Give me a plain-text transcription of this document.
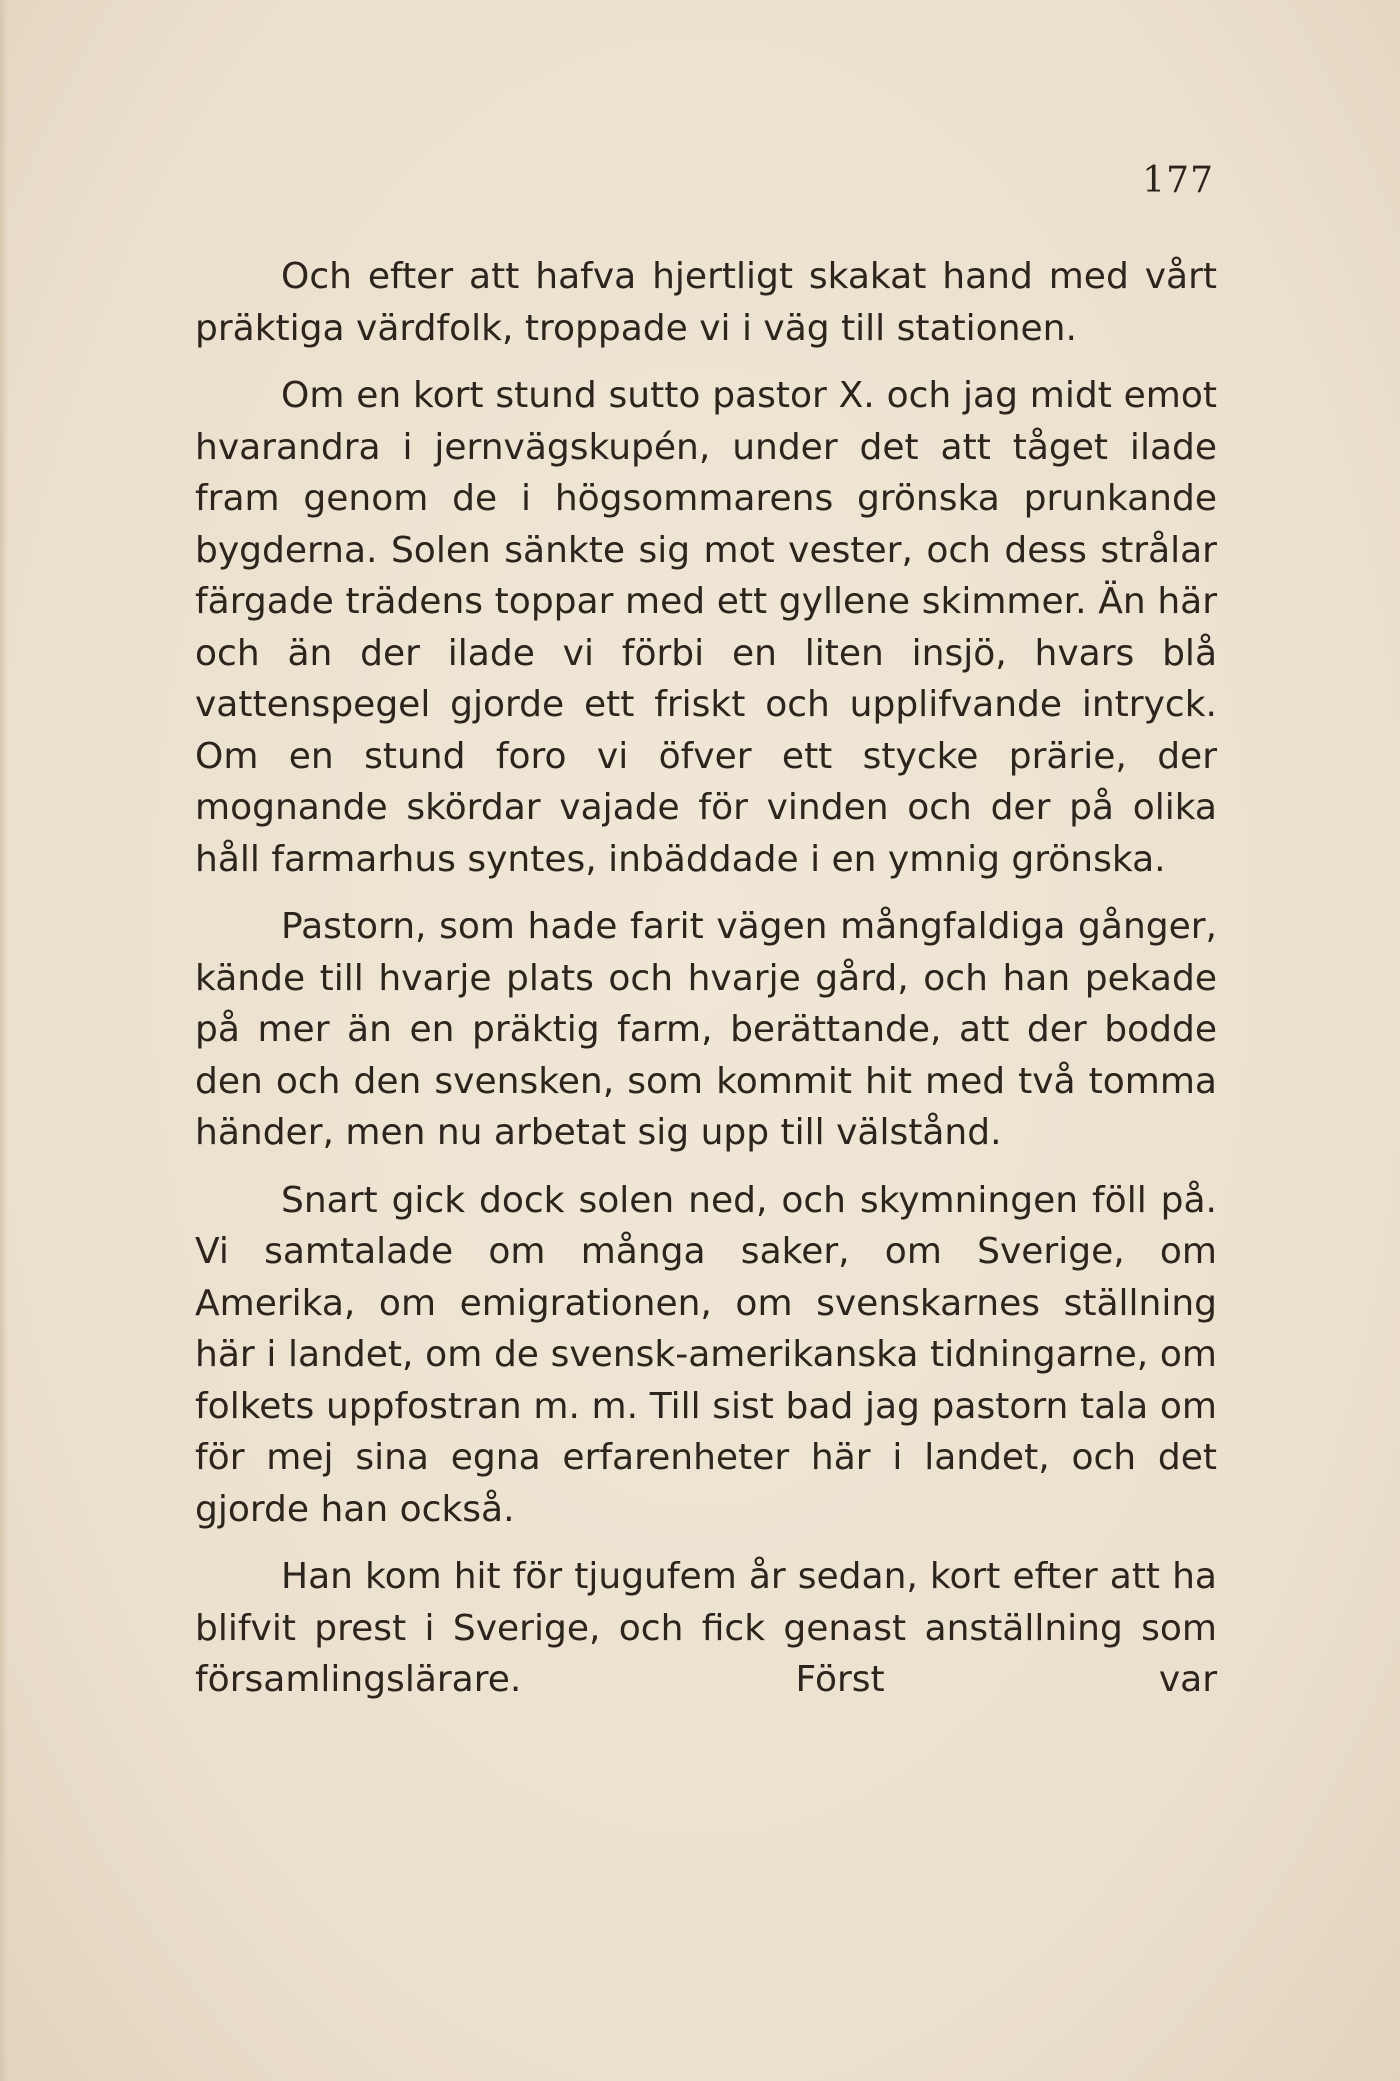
177

Och efter att hafva hjertligt skakat hand med vårt präktiga värdfolk, troppade vi i väg till stationen.

Om en kort stund sutto pastor X. och jag midt emot hvarandra i jernvägskupén, under det att tåget ilade fram genom de i högsommarens grönska prunkande bygderna. Solen sänkte sig mot vester, och dess strålar färgade trädens toppar med ett gyllene skimmer. Än här och än der ilade vi förbi en liten insjö, hvars blå vattenspegel gjorde ett friskt och upplifvande intryck. Om en stund foro vi öfver ett stycke prärie, der mognande skördar vajade för vinden och der på olika håll farmarhus syntes, inbäddade i en ymnig grönska.

Pastorn, som hade farit vägen mångfaldiga gånger, kände till hvarje plats och hvarje gård, och han pekade på mer än en präktig farm, berättande, att der bodde den och den svensken, som kommit hit med två tomma händer, men nu arbetat sig upp till välstånd.

Snart gick dock solen ned, och skymningen föll på. Vi samtalade om många saker, om Sverige, om Amerika, om emigrationen, om svenskarnes ställning här i landet, om de svensk-amerikanska tidningarne, om folkets uppfostran m. m. Till sist bad jag pastorn tala om för mej sina egna erfarenheter här i landet, och det gjorde han också.

Han kom hit för tjugufem år sedan, kort efter att ha blifvit prest i Sverige, och fick genast anställning som församlingslärare. Först var
